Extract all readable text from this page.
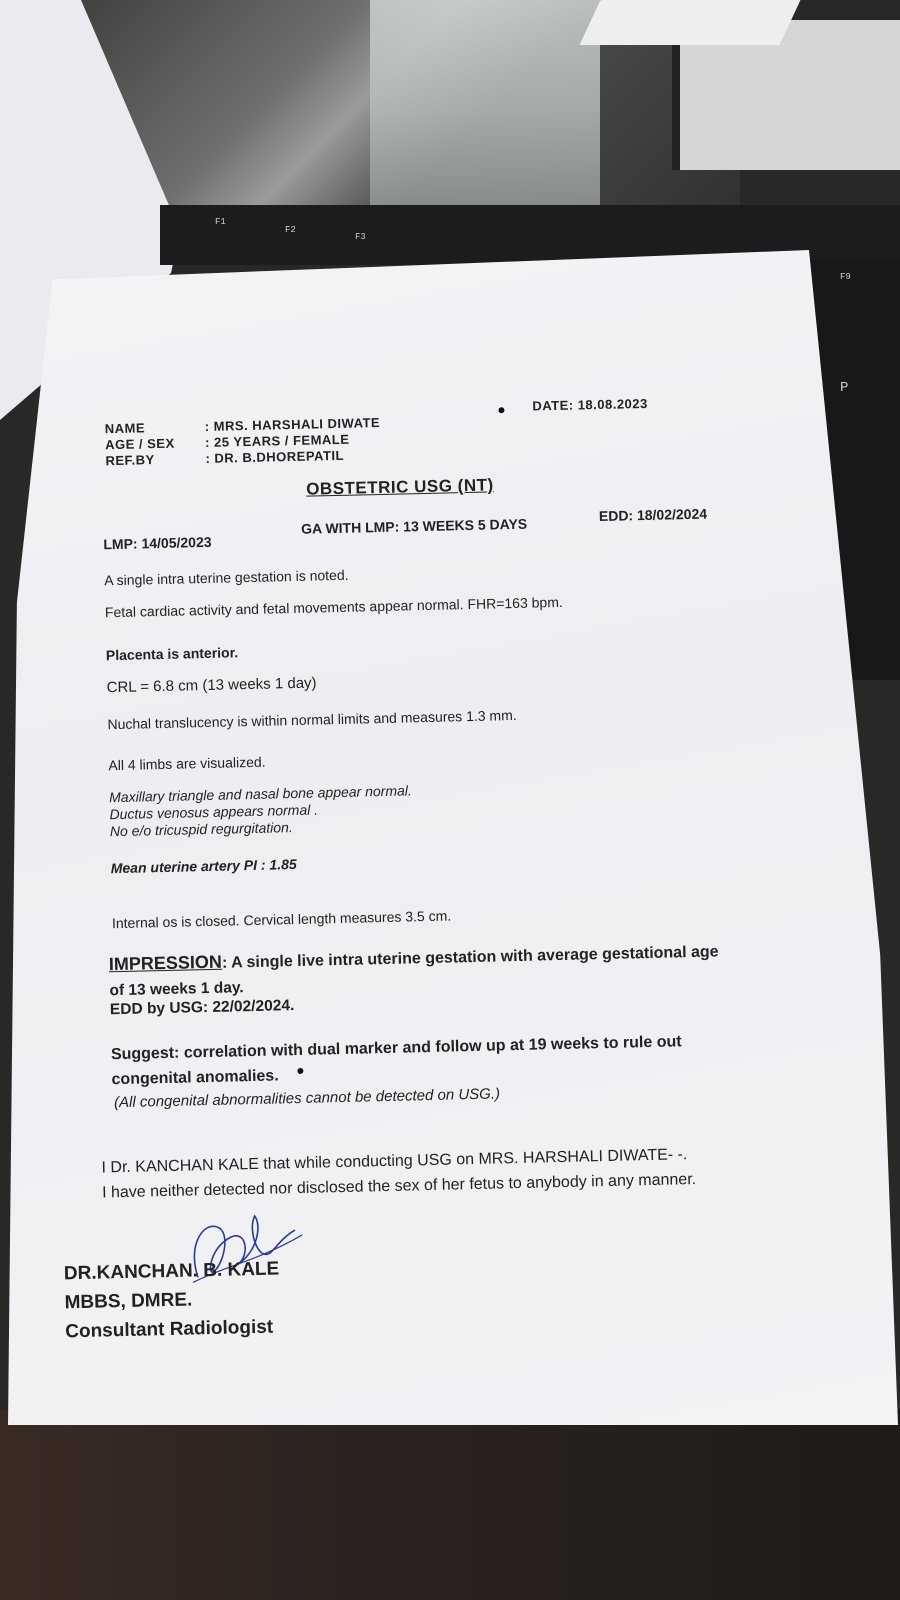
F1
F2
F3
F9
P
NAME	: MRS. HARSHALI DIWATE
AGE / SEX : 25 YEARS / FEMALE
REF.BY	: DR. B.DHOREPATIL
DATE: 18.08.2023
OBSTETRIC USG (NT)
LMP: 14/05/2023
GA WITH LMP: 13 WEEKS 5 DAYS
EDD: 18/02/2024
A single intra uterine gestation is noted.
Fetal cardiac activity and fetal movements appear normal. FHR=163 bpm.
Placenta is anterior.
CRL = 6.8 cm (13 weeks 1 day)
Nuchal translucency is within normal limits and measures 1.3 mm.
All 4 limbs are visualized.
Maxillary triangle and nasal bone appear normal.
Ductus venosus appears normal .
No e/o tricuspid regurgitation.
Mean uterine artery PI : 1.85
Internal os is closed. Cervical length measures 3.5 cm.
IMPRESSION: A single live intra uterine gestation with average gestational age
of 13 weeks 1 day.
EDD by USG: 22/02/2024.
Suggest: correlation with dual marker and follow up at 19 weeks to rule out
congenital anomalies.
(All congenital abnormalities cannot be detected on USG.)
I Dr. KANCHAN KALE that while conducting USG on MRS. HARSHALI DIWATE- -.
I have neither detected nor disclosed the sex of her fetus to anybody in any manner.
DR.KANCHAN. B. KALE
MBBS, DMRE.
Consultant Radiologist
